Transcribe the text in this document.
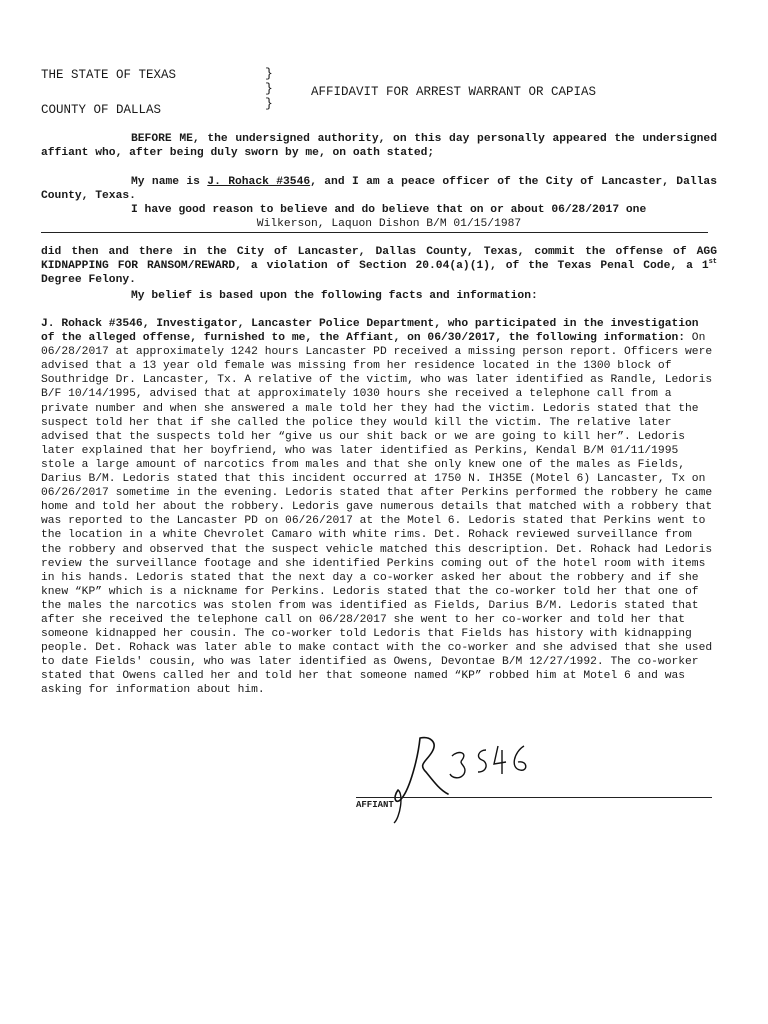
THE STATE OF TEXAS
COUNTY OF DALLAS
}
}
}
AFFIDAVIT FOR ARREST WARRANT OR CAPIAS
BEFORE ME, the undersigned authority, on this day personally appeared the undersigned affiant who, after being duly sworn by me, on oath stated;
My name is J. Rohack #3546, and I am a peace officer of the City of Lancaster, Dallas County, Texas.
I have good reason to believe and do believe that on or about 06/28/2017 one
Wilkerson, Laquon Dishon B/M 01/15/1987
did then and there in the City of Lancaster, Dallas County, Texas, commit the offense of AGG KIDNAPPING FOR RANSOM/REWARD, a violation of Section 20.04(a)(1), of the Texas Penal Code, a 1st Degree Felony.
My belief is based upon the following facts and information:
J. Rohack #3546, Investigator, Lancaster Police Department, who participated in the investigation of the alleged offense, furnished to me, the Affiant, on 06/30/2017, the following information: On 06/28/2017 at approximately 1242 hours Lancaster PD received a missing person report. Officers were advised that a 13 year old female was missing from her residence located in the 1300 block of Southridge Dr. Lancaster, Tx. A relative of the victim, who was later identified as Randle, Ledoris B/F 10/14/1995, advised that at approximately 1030 hours she received a telephone call from a private number and when she answered a male told her they had the victim. Ledoris stated that the suspect told her that if she called the police they would kill the victim. The relative later advised that the suspects told her “give us our shit back or we are going to kill her”. Ledoris later explained that her boyfriend, who was later identified as Perkins, Kendal B/M 01/11/1995 stole a large amount of narcotics from males and that she only knew one of the males as Fields, Darius B/M. Ledoris stated that this incident occurred at 1750 N. IH35E (Motel 6) Lancaster, Tx on 06/26/2017 sometime in the evening. Ledoris stated that after Perkins performed the robbery he came home and told her about the robbery. Ledoris gave numerous details that matched with a robbery that was reported to the Lancaster PD on 06/26/2017 at the Motel 6. Ledoris stated that Perkins went to the location in a white Chevrolet Camaro with white rims. Det. Rohack reviewed surveillance from the robbery and observed that the suspect vehicle matched this description. Det. Rohack had Ledoris review the surveillance footage and she identified Perkins coming out of the hotel room with items in his hands. Ledoris stated that the next day a co-worker asked her about the robbery and if she knew “KP” which is a nickname for Perkins. Ledoris stated that the co-worker told her that one of the males the narcotics was stolen from was identified as Fields, Darius B/M. Ledoris stated that after she received the telephone call on 06/28/2017 she went to her co-worker and told her that someone kidnapped her cousin. The co-worker told Ledoris that Fields has history with kidnapping people. Det. Rohack was later able to make contact with the co-worker and she advised that she used to date Fields' cousin, who was later identified as Owens, Devontae B/M 12/27/1992. The co-worker stated that Owens called her and told her that someone named “KP” robbed him at Motel 6 and was asking for information about him.
AFFIANT
